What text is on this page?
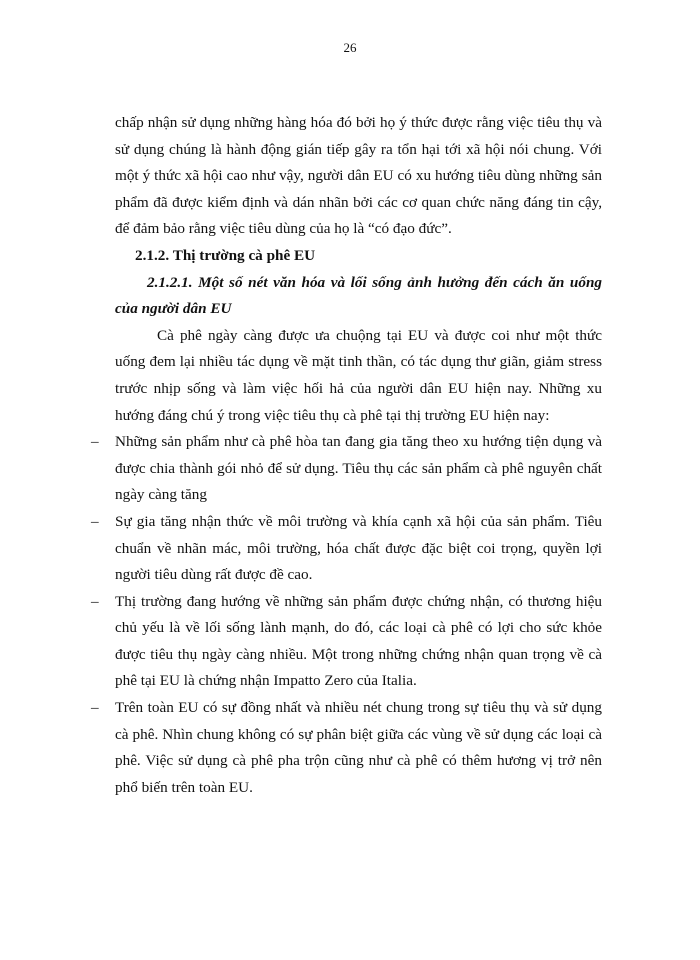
26

chấp nhận sử dụng những hàng hóa đó bởi họ ý thức được rằng việc tiêu thụ và sử dụng chúng là hành động gián tiếp gây ra tổn hại tới xã hội nói chung. Với một ý thức xã hội cao như vậy, người dân EU có xu hướng tiêu dùng những sản phẩm đã được kiểm định và dán nhãn bởi các cơ quan chức năng đáng tin cậy, để đảm bảo rằng việc tiêu dùng của họ là “có đạo đức”.

2.1.2. Thị trường cà phê EU

2.1.2.1. Một số nét văn hóa và lối sống ảnh hưởng đến cách ăn uống của người dân EU

Cà phê ngày càng được ưa chuộng tại EU và được coi như một thức uống đem lại nhiều tác dụng về mặt tinh thần, có tác dụng thư giãn, giảm stress trước nhịp sống và làm việc hối hả của người dân EU hiện nay. Những xu hướng đáng chú ý trong việc tiêu thụ cà phê tại thị trường EU hiện nay:

– Những sản phẩm như cà phê hòa tan đang gia tăng theo xu hướng tiện dụng và được chia thành gói nhỏ để sử dụng. Tiêu thụ các sản phẩm cà phê nguyên chất ngày càng tăng
– Sự gia tăng nhận thức về môi trường và khía cạnh xã hội của sản phẩm. Tiêu chuẩn về nhãn mác, môi trường, hóa chất được đặc biệt coi trọng, quyền lợi người tiêu dùng rất được đề cao.
– Thị trường đang hướng về những sản phẩm được chứng nhận, có thương hiệu chủ yếu là về lối sống lành mạnh, do đó, các loại cà phê có lợi cho sức khỏe được tiêu thụ ngày càng nhiều. Một trong những chứng nhận quan trọng về cà phê tại EU là chứng nhận Impatto Zero của Italia.
– Trên toàn EU có sự đồng nhất và nhiều nét chung trong sự tiêu thụ và sử dụng cà phê. Nhìn chung không có sự phân biệt giữa các vùng về sử dụng các loại cà phê. Việc sử dụng cà phê pha trộn cũng như cà phê có thêm hương vị trở nên phổ biến trên toàn EU.
